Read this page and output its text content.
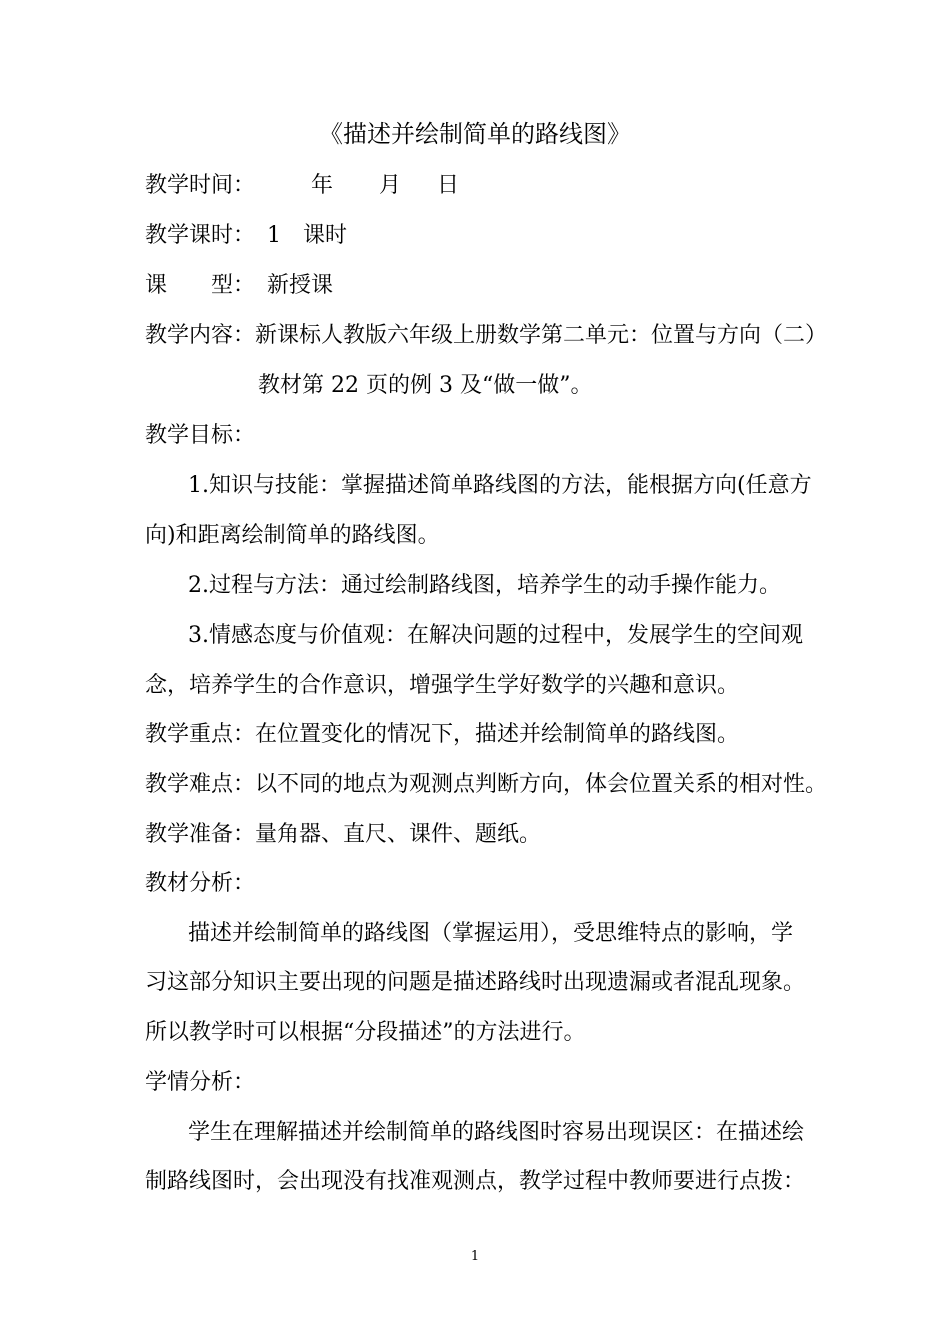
《描述并绘制简单的路线图》
教学时间：	年 月 日
教学课时： 1 课时
课 型： 新授课
教学内容：新课标人教版六年级上册数学第二单元：位置与方向（二）
教材第 22 页的例 3 及“做一做”。
教学目标：
1.知识与技能：掌握描述简单路线图的方法，能根据方向(任意方
向)和距离绘制简单的路线图。
2.过程与方法：通过绘制路线图，培养学生的动手操作能力。
3.情感态度与价值观：在解决问题的过程中，发展学生的空间观
念，培养学生的合作意识，增强学生学好数学的兴趣和意识。
教学重点：在位置变化的情况下，描述并绘制简单的路线图。
教学难点：以不同的地点为观测点判断方向，体会位置关系的相对性。
教学准备：量角器、直尺、课件、题纸。
教材分析：
描述并绘制简单的路线图（掌握运用），受思维特点的影响，学
习这部分知识主要出现的问题是描述路线时出现遗漏或者混乱现象。
所以教学时可以根据“分段描述”的方法进行。
学情分析：
学生在理解描述并绘制简单的路线图时容易出现误区：在描述绘
制路线图时，会出现没有找准观测点，教学过程中教师要进行点拨：
1
